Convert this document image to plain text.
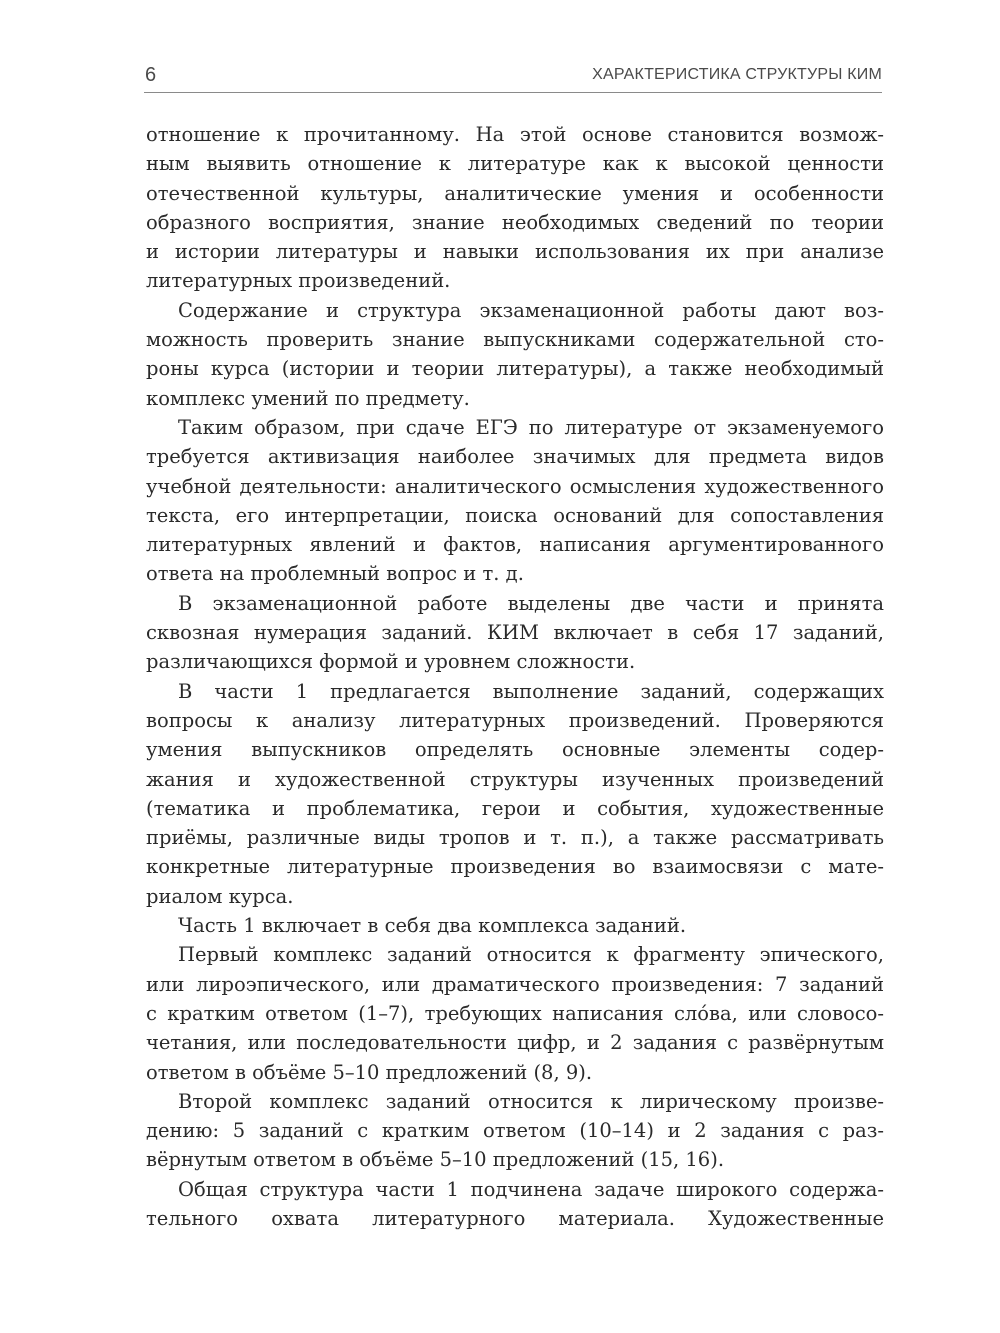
6	ХАРАКТЕРИСТИКА СТРУКТУРЫ КИМ
отношение к прочитанному. На этой основе становится возмож-
ным выявить отношение к литературе как к высокой ценности
отечественной культуры, аналитические умения и особенности
образного восприятия, знание необходимых сведений по теории
и истории литературы и навыки использования их при анализе
литературных произведений.
Содержание и структура экзаменационной работы дают воз-
можность проверить знание выпускниками содержательной сто-
роны курса (истории и теории литературы), а также необходимый
комплекс умений по предмету.
Таким образом, при сдаче ЕГЭ по литературе от экзаменуемого
требуется активизация наиболее значимых для предмета видов
учебной деятельности: аналитического осмысления художественного
текста, его интерпретации, поиска оснований для сопоставления
литературных явлений и фактов, написания аргументированного
ответа на проблемный вопрос и т. д.
В экзаменационной работе выделены две части и принята
сквозная нумерация заданий. КИМ включает в себя 17 заданий,
различающихся формой и уровнем сложности.
В части 1 предлагается выполнение заданий, содержащих
вопросы к анализу литературных произведений. Проверяются
умения выпускников определять основные элементы содер-
жания и художественной структуры изученных произведений
(тематика и проблематика, герои и события, художественные
приёмы, различные виды тропов и т. п.), а также рассматривать
конкретные литературные произведения во взаимосвязи с мате-
риалом курса.
Часть 1 включает в себя два комплекса заданий.
Первый комплекс заданий относится к фрагменту эпического,
или лироэпического, или драматического произведения: 7 заданий
с кратким ответом (1–7), требующих написания сло́ва, или словосо-
четания, или последовательности цифр, и 2 задания с развёрнутым
ответом в объёме 5–10 предложений (8, 9).
Второй комплекс заданий относится к лирическому произве-
дению: 5 заданий с кратким ответом (10–14) и 2 задания с раз-
вёрнутым ответом в объёме 5–10 предложений (15, 16).
Общая структура части 1 подчинена задаче широкого содержа-
тельного охвата литературного материала. Художественные
